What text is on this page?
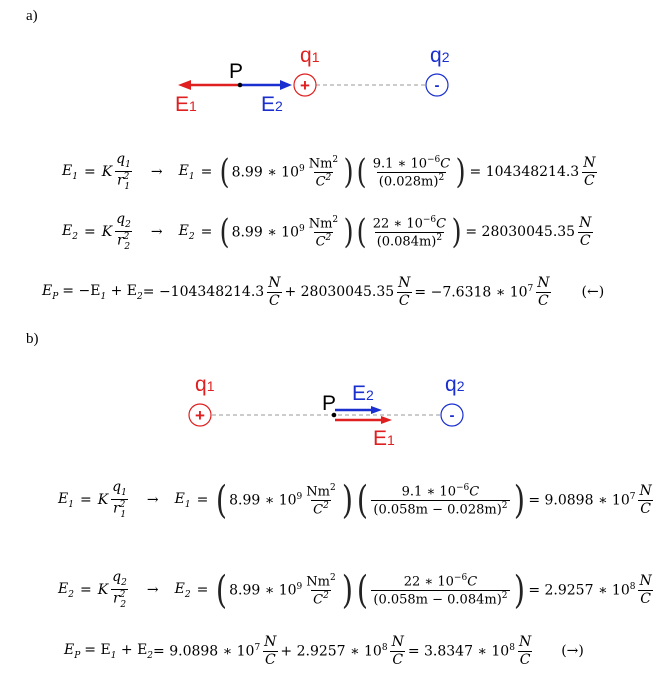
a)
b)
P
+
q1
-
q2
E1	E2
P
+
q1
-
q2
E2
E1
$E_1 = K \frac{q_1}{r^2_1} \to E_1$ = ( 8.99 ∗ $10^9 \frac{Nm^2}{C^2}$ ) ( $\frac{9.1 ∗ 10^{-6}C}{(0.028m)^2}$ ) = $104348214.3 \frac{N}{C}$
$E_2 = K \frac{q_2}{r^2_2} \to E_2$ = ( 8.99 ∗ $10^9 \frac{Nm^2}{C^2}$ ) ( $\frac{22 ∗ 10^{-6}C}{(0.084m)^2}$ ) = $28030045.35 \frac{N}{C}$
$E_P = -E_1 + E_2 = -104348214.3 \frac{N}{C} + 28030045.35 \frac{N}{C} = -7.6318$ ∗ $10^7 \frac{N}{C}$ (←)
$E_1 = K \frac{q_1}{r^2_1} \to E_1$ = ( 8.99 ∗ $10^9 \frac{Nm^2}{C^2}$ ) ( $\frac{9.1 ∗ 10^{-6}C}{(0.058m - 0.028m)^2}$ ) = 9.0898 ∗ $10^7 \frac{N}{C}$
$E_2 = K \frac{q_2}{r^2_2} \to E_2$ = ( 8.99 ∗ $10^9 \frac{Nm^2}{C^2}$ ) ( $\frac{22 ∗ 10^{-6}C}{(0.058m - 0.084m)^2}$ ) = 2.9257 ∗ $10^8 \frac{N}{C}$
$E_P = E_1 + E_2 = 9.0898$ ∗ $10^7 \frac{N}{C} + 2.9257$ ∗ $10^8 \frac{N}{C} = 3.8347$ ∗ $10^8 \frac{N}{C}$ (→)
